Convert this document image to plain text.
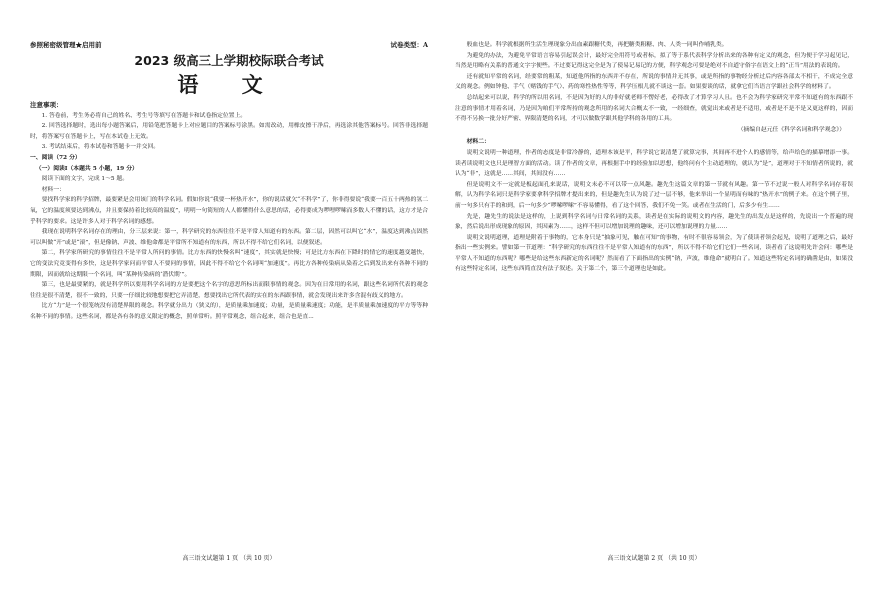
参照秘密级管理★启用前	试卷类型：A
2023 级高三上学期校际联合考试
语 文
注意事项：

1. 答卷前，考生务必将自己的姓名、考生号等填写在答题卡和试卷指定位置上。

2. 回答选择题时，选出每小题答案后，用铅笔把答题卡上对应题目的答案标号涂黑。如需改动，用橡皮擦干净后，再选涂其他答案标号。回答非选择题时，将答案写在答题卡上，写在本试卷上无效。

3. 考试结束后，将本试卷和答题卡一并交回。

一、阅读（72 分）

（一）阅读Ⅰ（本题共 5 小题，19 分）

阅读下面的文字，完成 1～5 题。

材料一：

要找科学家的科学招牌，最要紧是会用该门的科学名词。假如你说“我要一杯热开水”，你的说话就欠“不科学”了，你非得要说“我要一百五十两热的氢二氧，它的温度须要达到沸点，并且要保持着比较高的温度”，明明一句简短的人人都懂得什么意思的话，必得要成为啰哩啰嗦而多数人不懂的话，这方才是合乎科学的要求。这是许多人对于科学名词的感想。

我现在说明科学名词存在的理由，分三层来说：第一，科学研究的东西往往不是平常人知道有的东西。第二层，因然可以叫它“水”，温度达到沸点固然可以叫做“开”或是“滚”，但是像钠、声波、维他命都是平常所不知道有的东西，所以不得不给它们名词，以便叙述。

第二，科学家所研究的事情往往不是平常人所问的事情。比方东西的快慢名叫“速度”，其实就是快慢；可是比方东西在下降时的情它的速度越变越快，它的变法究竟变得有多快，这是科学家问而平常人不要问的事情，因此不得不给它个名词叫“加速度”。再比方各种传染病从染着之后到发出来有各种不同的期限，因而就给这期限一个名词，叫“某种传染病的‘潜伏期’”。

第三，也是最要紧的，就是科学所以要用科学名词的方是要把这个名字的意思所标出而限事情的观念。因为在日常用的名词，跟这些名词所代表的观念往往是很不清楚，很不一致的，只要一仔细比较地想要把它弄清楚，想要找出它所代表的实在的东西跟事情，就会发现出来许多含混有歧义的地方。

比方“力”是一个很笼统没有清楚界限的观念。科学就分出力（狭义的），是质量乘加速度；功量，是质量乘速度；功能，是半质量乘加速度的平方等等种名种不同的事情。这些名词，都是各有各的意义限定的概念，照单常听。照平常观念，组合起来，组合也是直...

高三语文试题第 1 页 （共 10 页）

般血也是。科学就根据所生活生理现象分出血素跟糖代类，再把糖类粗糖、肉、人类一同叫作哺乳类。

为避免的办法，为避免平常语言容易引起误会计，最好完全用符号或者标，拟了等于系代表科学分析出来的各种有定义的观念，但为便于学习起见记，当然是用略有关系的普通文字字便些。不过要记得这完全是为了使易记易记的方便，科学观念可要是绝对不自道守俗字在语文上的“正当”用法的表说的。

还有就知平常的名词，经要常的粗某，知道他所指的东西并不存在，所说的事情并无其事，或是所指的事物经分析过后内容各部太不相干，不成完全意义的观念。例如钟他、手气（赌钱的手气）、药的寒性热性等等，科学压根儿就不谈这一套。如果要谈的话，就拿它们当语言学跟社会科学的材料了。

总结起来可以说，科学的所以用名词，不是因为好的人的非好就老师不愣好老，必得改了才算学习人且。也不会为科学家研究平常不知道有的东西跟不注意的事情才用着名词，乃是因为咱们平常所持的观念所用的名词大合概太不一致，一经细查，就觉出来或者是不适用，或者是不是不是又更这样的，因而不得不另换一批分好严密、界限清楚的名词，才可以做数学跟其他学科的各用的工具。

（摘编自赵元任《科学名词和科学观念》）

材料二：

说明文说明一种道理，作者的态度是非常冷静的，道理本该是平，科学说它说清楚了就算完事，其间再不进个人的感情等，给声给色的描摹增添一事。读者读说明文也只是理智方面的活动。读了作者的文章，再根据手中的经验加以思想，他终问有个主动道理的，就认为“是”，道理对于不知情者所说的，就认为“非”，这就是……其间，其间没有……

但是说明文不一定就是板起面孔来说话，说明文未必不可以带一点风趣。趣先生这篇文章的第一节就有风趣。第一节不过说一般人对科学名词存着误解，认为科学名词只是科学家要拿科学招牌才提出来的，但是趣先生认为说了过一层不够，他来举出一个显明而有味的“热开水”的例子来。在这个例子里，前一句多只有手的和到，后一句多少“啰嗦啰嗦”不容易懂得，看了这个回答，我们不免一笑。或者在生活的门，后多少有生……

先是，趣先生的说法是这样的，上说到科学名词与日常名词的关系，读者是在实际的说明文的内容，趣先生的出发点是这样的，先说出一个普遍的现象，然后说出形成现象的原因，其因素为……，这样不但可以增加说理的趣味，还可以增加说理的力量……

说明文说明道理，道理是附着于事物的，它本身只是“抽象可见，触在可知”的事物，有时不很容易领会，为了使读者领会起见，说明了道理之后，最好指出一些实例来。譬如第一节道理：“科学研究的东西往往不是平常人知道有的东西”，所以不得不给它们它们一些名词，读者看了这说明先许会问：哪些是平常人不知道的东西呢？哪些是给这些东西新定的名词呢？然而看了下面指出的实例“钠，声波，维他命”就明白了。知道这些特定名词的确凿是由，如果没有这些特定名词，这些东西简直没有法子叙述。关于第二个，第三个道理也是如此。

高三语文试题第 2 页 （共 10 页）
